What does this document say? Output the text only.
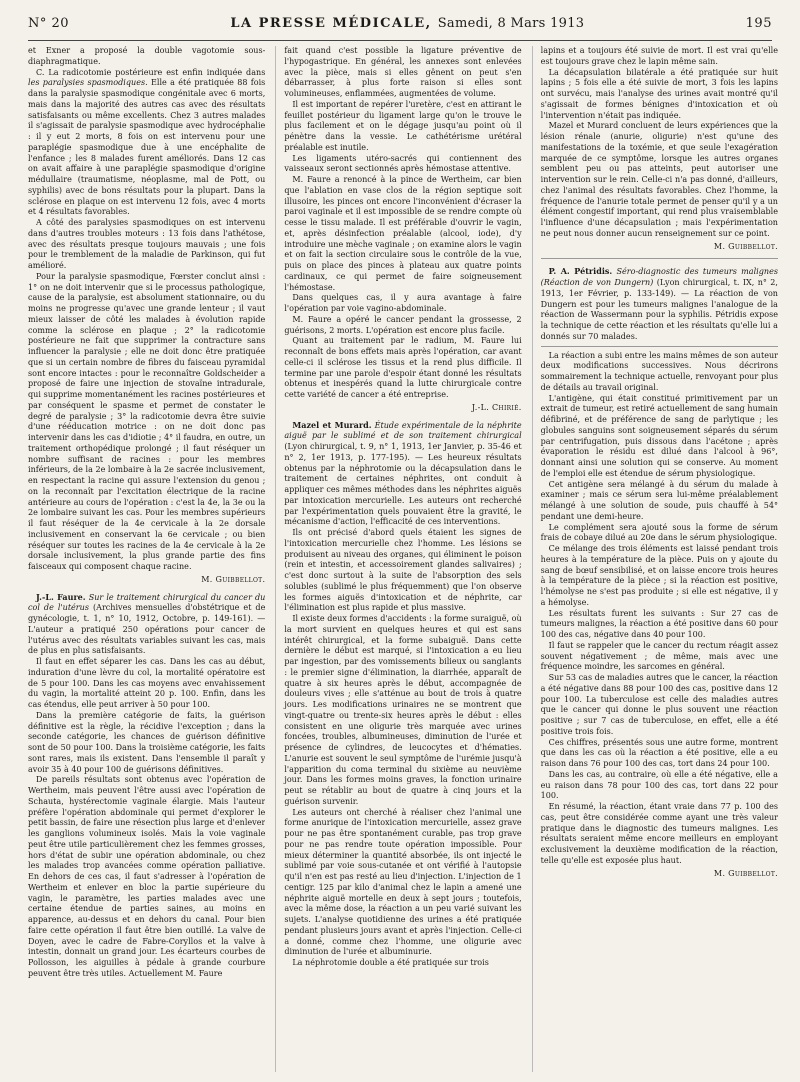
N° 20	LA PRESSE MÉDICALE, Samedi, 8 Mars 1913	195

et Exner a proposé la double vagotomie sous-diaphragmatique.

C. La radicotomie postérieure est enfin indiquée dans les paralysies spasmodiques. Elle a été pratiquée 88 fois dans la paralysie spasmodique congénitale avec 6 morts, mais dans la majorité des autres cas avec des résultats satisfaisants ou même excellents. Chez 3 autres malades il s'agissait de paralysie spasmodique avec hydrocéphalie : il y eut 2 morts, 8 fois on est intervenu pour une paraplégie spasmodique due à une encéphalite de l'enfance ; les 8 malades furent améliorés. Dans 12 cas on avait affaire à une paraplégie spasmodique d'origine médullaire (traumatisme, néoplasme, mal de Pott, ou syphilis) avec de bons résultats pour la plupart. Dans la sclérose en plaque on est intervenu 12 fois, avec 4 morts et 4 résultats favorables.

A côté des paralysies spasmodiques on est intervenu dans d'autres troubles moteurs : 13 fois dans l'athétose, avec des résultats presque toujours mauvais ; une fois pour le tremblement de la maladie de Parkinson, qui fut amélioré.

Pour la paralysie spasmodique, Fœrster conclut ainsi : 1° on ne doit intervenir que si le processus pathologique, cause de la paralysie, est absolument stationnaire, ou du moins ne progresse qu'avec une grande lenteur ; il vaut mieux laisser de côté les malades à évolution rapide comme la sclérose en plaque ; 2° la radicotomie postérieure ne fait que supprimer la contracture sans influencer la paralysie ; elle ne doit donc être pratiquée que si un certain nombre de fibres du faisceau pyramidal sont encore intactes : pour le reconnaître Goldscheider a proposé de faire une injection de stovaïne intradurale, qui supprime momentanément les racines postérieures et par conséquent le spasme et permet de constater le degré de paralysie ; 3° la radicotomie devra être suivie d'une rééducation motrice : on ne doit donc pas intervenir dans les cas d'idiotie ; 4° il faudra, en outre, un traitement orthopédique prolongé ; il faut réséquer un nombre suffisant de racines : pour les membres inférieurs, de la 2e lombaire à la 2e sacrée inclusivement, en respectant la racine qui assure l'extension du genou ; on la reconnaît par l'excitation électrique de la racine antérieure au cours de l'opération : c'est la 4e, la 3e ou la 2e lombaire suivant les cas. Pour les membres supérieurs il faut réséquer de la 4e cervicale à la 2e dorsale inclusivement en conservant la 6e cervicale ; ou bien réséquer sur toutes les racines de la 4e cervicale à la 2e dorsale inclusivement, la plus grande partie des fins faisceaux qui composent chaque racine.

M. Guibbellot.

J.-L. Faure. Sur le traitement chirurgical du cancer du col de l'utérus (Archives mensuelles d'obstétrique et de gynécologie, t. 1, n° 10, 1912, Octobre, p. 149-161). — L'auteur a pratiqué 250 opérations pour cancer de l'utérus avec des résultats variables suivant les cas, mais de plus en plus satisfaisants.

Il faut en effet séparer les cas. Dans les cas au début, induration d'une lèvre du col, la mortalité opératoire est de 5 pour 100. Dans les cas moyens avec envahissement du vagin, la mortalité atteint 20 p. 100. Enfin, dans les cas étendus, elle peut arriver à 50 pour 100.

Dans la première catégorie de faits, la guérison définitive est la règle, la récidive l'exception ; dans la seconde catégorie, les chances de guérison définitive sont de 50 pour 100. Dans la troisième catégorie, les faits sont rares, mais ils existent. Dans l'ensemble il paraît y avoir 35 à 40 pour 100 de guérisons définitives.

De pareils résultats sont obtenus avec l'opération de Wertheim, mais peuvent l'être aussi avec l'opération de Schauta, hystérectomie vaginale élargie. Mais l'auteur préfère l'opération abdominale qui permet d'explorer le petit bassin, de faire une résection plus large et d'enlever les ganglions volumineux isolés. Mais la voie vaginale peut être utile particulièrement chez les femmes grosses, hors d'état de subir une opération abdominale, ou chez les malades trop avancées comme opération palliative. En dehors de ces cas, il faut s'adresser à l'opération de Wertheim et enlever en bloc la partie supérieure du vagin, le paramètre, les parties malades avec une certaine étendue de parties saines, au moins en apparence, au-dessus et en dehors du canal. Pour bien faire cette opération il faut être bien outillé. La valve de Doyen, avec le cadre de Fabre-Coryllos et la valve à intestin, donnait un grand jour. Les écarteurs courbes de Pollosson, les aiguilles à pédale à grande courbure peuvent être très utiles. Actuellement M. Faure

fait quand c'est possible la ligature préventive de l'hypogastrique. En général, les annexes sont enlevées avec la pièce, mais si elles gênent on peut s'en débarrasser, à plus forte raison si elles sont volumineuses, enflammées, augmentées de volume.

Il est important de repérer l'uretère, c'est en attirant le feuillet postérieur du ligament large qu'on le trouve le plus facilement et on le dégage jusqu'au point où il pénètre dans la vessie. Le cathétérisme urétéral préalable est inutile.

Les ligaments utéro-sacrés qui contiennent des vaisseaux seront sectionnés après hémostase attentive.

M. Faure a renoncé à la pince de Wertheim, car bien que l'ablation en vase clos de la région septique soit illusoire, les pinces ont encore l'inconvénient d'écraser la paroi vaginale et il est impossible de se rendre compte où cesse le tissu malade. Il est préférable d'ouvrir le vagin, et, après désinfection préalable (alcool, iode), d'y introduire une mèche vaginale ; on examine alors le vagin et on fait la section circulaire sous le contrôle de la vue, puis on place des pinces à plateau aux quatre points cardinaux, ce qui permet de faire soigneusement l'hémostase.

Dans quelques cas, il y aura avantage à faire l'opération par voie vagino-abdominale.

M. Faure a opéré le cancer pendant la grossesse, 2 guérisons, 2 morts. L'opération est encore plus facile.

Quant au traitement par le radium, M. Faure lui reconnaît de bons effets mais après l'opération, car avant celle-ci il sclérose les tissus et la rend plus difficile. Il termine par une parole d'espoir étant donné les résultats obtenus et inespérés quand la lutte chirurgicale contre cette variété de cancer a été entreprise.

J.-L. Chirié.

Mazel et Murard. Étude expérimentale de la néphrite aiguë par le sublimé et de son traitement chirurgical (Lyon chirurgical, t. 9, n° 1, 1913, 1er Janvier, p. 35-46 et n° 2, 1er 1913, p. 177-195). — Les heureux résultats obtenus par la néphrotomie ou la décapsulation dans le traitement de certaines néphrites, ont conduit à appliquer ces mêmes méthodes dans les néphrites aiguës par intoxication mercurielle. Les auteurs ont recherché par l'expérimentation quels pouvaient être la gravité, le mécanisme d'action, l'efficacité de ces interventions.

Ils ont précisé d'abord quels étaient les signes de l'intoxication mercurielle chez l'homme. Les lésions se produisent au niveau des organes, qui éliminent le poison (rein et intestin, et accessoirement glandes salivaires) ; c'est donc surtout à la suite de l'absorption des sels solubles (sublimé le plus fréquemment) que l'on observe les formes aiguës d'intoxication et de néphrite, car l'élimination est plus rapide et plus massive.

Il existe deux formes d'accidents : la forme suraiguë, où la mort survient en quelques heures et qui est sans intérêt chirurgical, et la forme subaiguë. Dans cette dernière le début est marqué, si l'intoxication a eu lieu par ingestion, par des vomissements bilieux ou sanglants : le premier signe d'élimination, la diarrhée, apparaît de quatre à six heures après le début, accompagnée de douleurs vives ; elle s'atténue au bout de trois à quatre jours. Les modifications urinaires ne se montrent que vingt-quatre ou trente-six heures après le début : elles consistent en une oligurie très marquée avec urines foncées, troubles, albumineuses, diminution de l'urée et présence de cylindres, de leucocytes et d'hématies. L'anurie est souvent le seul symptôme de l'urémie jusqu'à l'apparition du coma terminal du sixième au neuvième jour. Dans les formes moins graves, la fonction urinaire peut se rétablir au bout de quatre à cinq jours et la guérison survenir.

Les auteurs ont cherché à réaliser chez l'animal une forme anurique de l'intoxication mercurielle, assez grave pour ne pas être spontanément curable, pas trop grave pour ne pas rendre toute opération impossible. Pour mieux déterminer la quantité absorbée, ils ont injecté le sublimé par voie sous-cutanée et ont vérifié à l'autopsie qu'il n'en est pas resté au lieu d'injection. L'injection de 1 centigr. 125 par kilo d'animal chez le lapin a amené une néphrite aiguë mortelle en deux à sept jours ; toutefois, avec la même dose, la réaction a un peu varié suivant les sujets. L'analyse quotidienne des urines a été pratiquée pendant plusieurs jours avant et après l'injection. Celle-ci a donné, comme chez l'homme, une oligurie avec diminution de l'urée et albuminurie.

La néphrotomie double a été pratiquée sur trois

lapins et a toujours été suivie de mort. Il est vrai qu'elle est toujours grave chez le lapin même sain.

La décapsulation bilatérale a été pratiquée sur huit lapins ; 5 fois elle a été suivie de mort, 3 fois les lapins ont survécu, mais l'analyse des urines avait montré qu'il s'agissait de formes bénignes d'intoxication et où l'intervention n'était pas indiquée.

Mazel et Murard concluent de leurs expériences que la lésion rénale (anurie, oligurie) n'est qu'une des manifestations de la toxémie, et que seule l'exagération marquée de ce symptôme, lorsque les autres organes semblent peu ou pas atteints, peut autoriser une intervention sur le rein. Celle-ci n'a pas donné, d'ailleurs, chez l'animal des résultats favorables. Chez l'homme, la fréquence de l'anurie totale permet de penser qu'il y a un élément congestif important, qui rend plus vraisemblable l'influence d'une décapsulation ; mais l'expérimentation ne peut nous donner aucun renseignement sur ce point.

M. Guibbellot.

P. A. Pétridis. Séro-diagnostic des tumeurs malignes (Réaction de von Dungern) (Lyon chirurgical, t. IX, n° 2, 1913, 1er Février, p. 133-149). — La réaction de von Dungern est pour les tumeurs malignes l'analogue de la réaction de Wassermann pour la syphilis. Pétridis expose la technique de cette réaction et les résultats qu'elle lui a donnés sur 70 malades.

La réaction a subi entre les mains mêmes de son auteur deux modifications successives. Nous décrirons sommairement la technique actuelle, renvoyant pour plus de détails au travail original.

L'antigène, qui était constitué primitivement par un extrait de tumeur, est retiré actuellement de sang humain défibriné, et de préférence de sang de parlytique ; les globules sanguins sont soigneusement séparés du sérum par centrifugation, puis dissous dans l'acétone ; après évaporation le résidu est dilué dans l'alcool à 96°, donnant ainsi une solution qui se conserve. Au moment de l'emploi elle est étendue de sérum physiologique.

Cet antigène sera mélangé à du sérum du malade à examiner ; mais ce sérum sera lui-même préalablement mélangé à une solution de soude, puis chauffé à 54° pendant une demi-heure.

Le complément sera ajouté sous la forme de sérum frais de cobaye dilué au 20e dans le sérum physiologique.

Ce mélange des trois éléments est laissé pendant trois heures à la température de la pièce. Puis on y ajoute du sang de bœuf sensibilisé, et on laisse encore trois heures à la température de la pièce ; si la réaction est positive, l'hémolyse ne s'est pas produite ; si elle est négative, il y a hémolyse.

Les résultats furent les suivants : Sur 27 cas de tumeurs malignes, la réaction a été positive dans 60 pour 100 des cas, négative dans 40 pour 100.

Il faut se rappeler que le cancer du rectum réagit assez souvent négativement ; de même, mais avec une fréquence moindre, les sarcomes en général.

Sur 53 cas de maladies autres que le cancer, la réaction a été négative dans 88 pour 100 des cas, positive dans 12 pour 100. La tuberculose est celle des maladies autres que le cancer qui donne le plus souvent une réaction positive ; sur 7 cas de tuberculose, en effet, elle a été positive trois fois.

Ces chiffres, présentés sous une autre forme, montrent que dans les cas où la réaction a été positive, elle a eu raison dans 76 pour 100 des cas, tort dans 24 pour 100.

Dans les cas, au contraire, où elle a été négative, elle a eu raison dans 78 pour 100 des cas, tort dans 22 pour 100.

En résumé, la réaction, étant vraie dans 77 p. 100 des cas, peut être considérée comme ayant une très valeur pratique dans le diagnostic des tumeurs malignes. Les résultats seraient même encore meilleurs en employant exclusivement la deuxième modification de la réaction, telle qu'elle est exposée plus haut.

M. Guibbellot.
